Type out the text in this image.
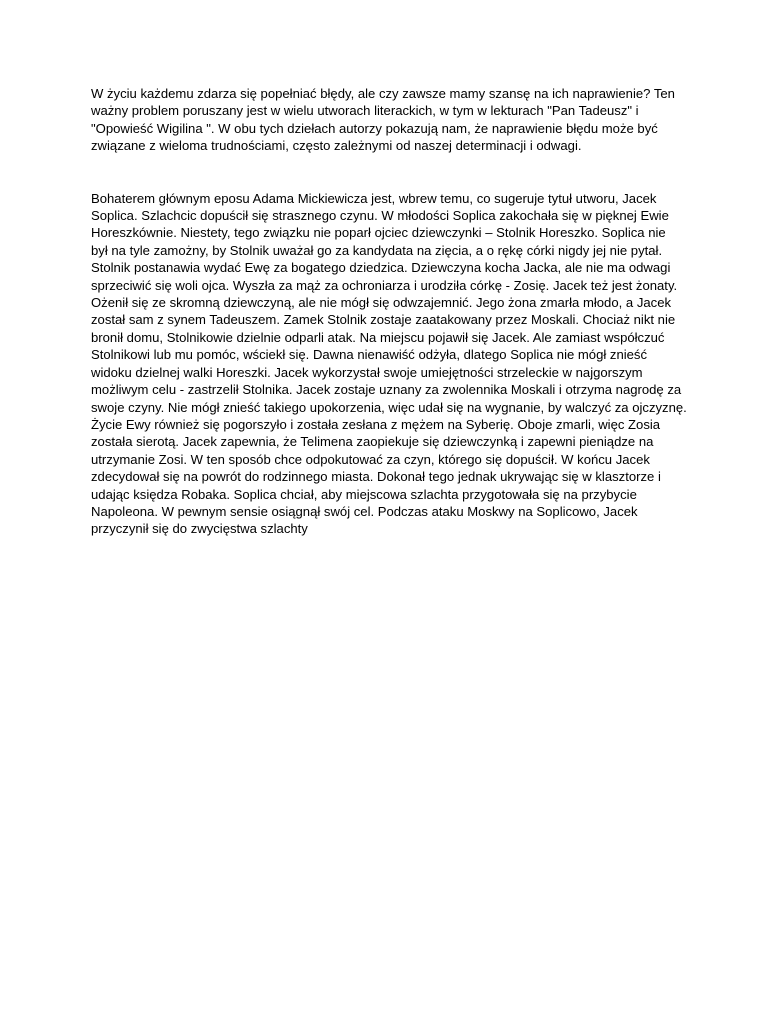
W życiu każdemu zdarza się popełniać błędy, ale czy zawsze mamy szansę na ich naprawienie? Ten
ważny problem poruszany jest w wielu utworach literackich, w tym w lekturach "Pan Tadeusz" i
"Opowieść Wigilina ". W obu tych dziełach autorzy pokazują nam, że naprawienie błędu może być
związane z wieloma trudnościami, często zależnymi od naszej determinacji i odwagi.

Bohaterem głównym eposu Adama Mickiewicza jest, wbrew temu, co sugeruje tytuł utworu, Jacek
Soplica. Szlachcic dopuścił się strasznego czynu. W młodości Soplica zakochała się w pięknej Ewie
Horeszkównie. Niestety, tego związku nie poparł ojciec dziewczynki – Stolnik Horeszko. Soplica nie
był na tyle zamożny, by Stolnik uważał go za kandydata na zięcia, a o rękę córki nigdy jej nie pytał.
Stolnik postanawia wydać Ewę za bogatego dziedzica. Dziewczyna kocha Jacka, ale nie ma odwagi
sprzeciwić się woli ojca. Wyszła za mąż za ochroniarza i urodziła córkę - Zosię. Jacek też jest żonaty.
Ożenił się ze skromną dziewczyną, ale nie mógł się odwzajemnić. Jego żona zmarła młodo, a Jacek
został sam z synem Tadeuszem. Zamek Stolnik zostaje zaatakowany przez Moskali. Chociaż nikt nie
bronił domu, Stolnikowie dzielnie odparli atak. Na miejscu pojawił się Jacek. Ale zamiast współczuć
Stolnikowi lub mu pomóc, wściekł się. Dawna nienawiść odżyła, dlatego Soplica nie mógł znieść
widoku dzielnej walki Horeszki. Jacek wykorzystał swoje umiejętności strzeleckie w najgorszym
możliwym celu - zastrzelił Stolnika. Jacek zostaje uznany za zwolennika Moskali i otrzyma nagrodę za
swoje czyny. Nie mógł znieść takiego upokorzenia, więc udał się na wygnanie, by walczyć za ojczyznę.
Życie Ewy również się pogorszyło i została zesłana z mężem na Syberię. Oboje zmarli, więc Zosia
została sierotą. Jacek zapewnia, że Telimena zaopiekuje się dziewczynką i zapewni pieniądze na
utrzymanie Zosi. W ten sposób chce odpokutować za czyn, którego się dopuścił. W końcu Jacek
zdecydował się na powrót do rodzinnego miasta. Dokonał tego jednak ukrywając się w klasztorze i
udając księdza Robaka. Soplica chciał, aby miejscowa szlachta przygotowała się na przybycie
Napoleona. W pewnym sensie osiągnął swój cel. Podczas ataku Moskwy na Soplicowo, Jacek
przyczynił się do zwycięstwa szlachty
